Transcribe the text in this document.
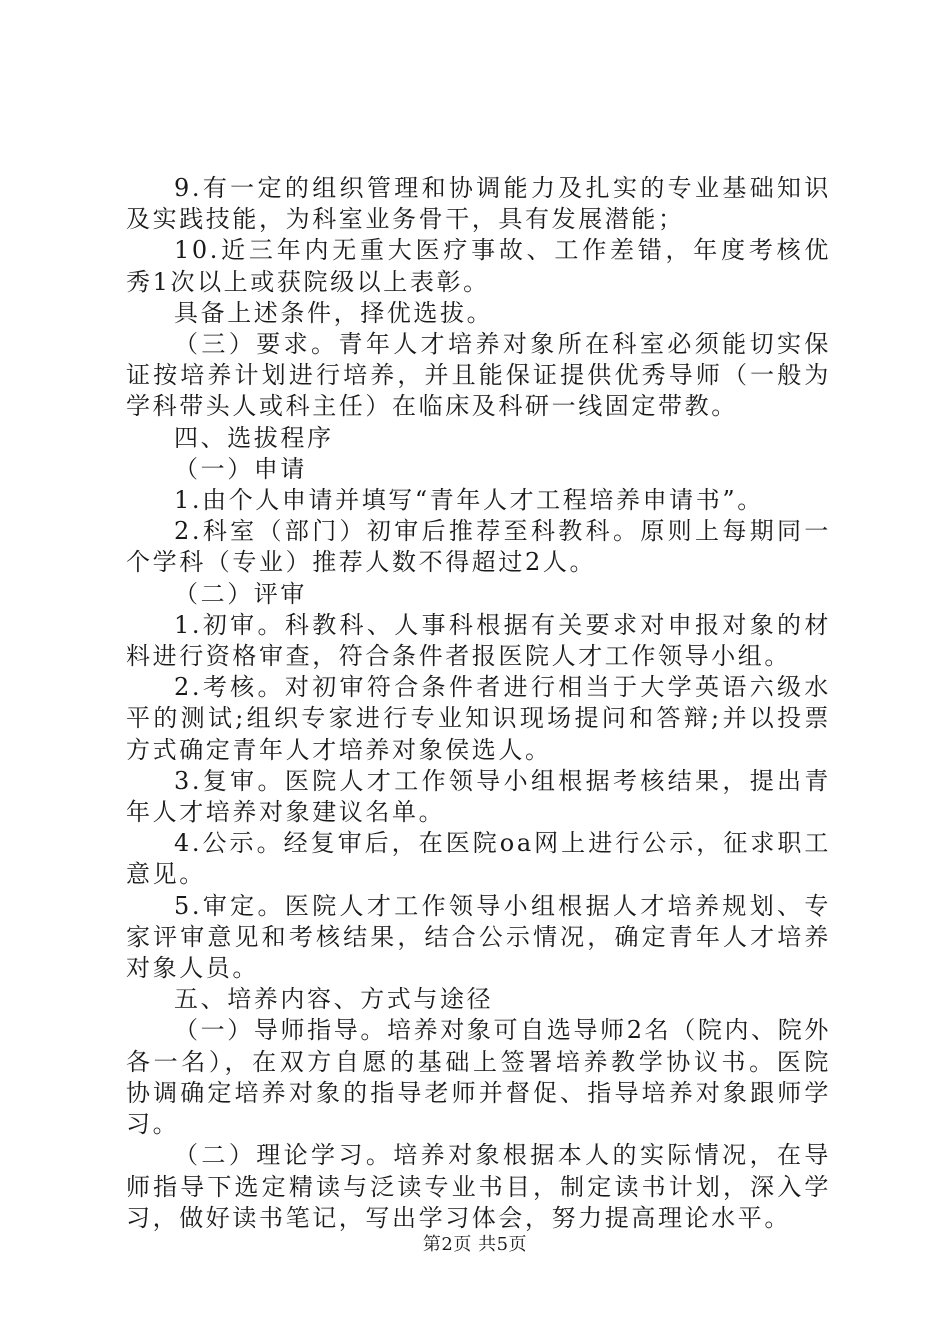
9.有一定的组织管理和协调能力及扎实的专业基础知识及实践技能，为科室业务骨干，具有发展潜能；

10.近三年内无重大医疗事故、工作差错，年度考核优秀1次以上或获院级以上表彰。

具备上述条件，择优选拔。

（三）要求。青年人才培养对象所在科室必须能切实保证按培养计划进行培养，并且能保证提供优秀导师（一般为学科带头人或科主任）在临床及科研一线固定带教。

四、选拔程序

（一）申请

1.由个人申请并填写“青年人才工程培养申请书”。

2.科室（部门）初审后推荐至科教科。原则上每期同一个学科（专业）推荐人数不得超过2人。

（二）评审

1.初审。科教科、人事科根据有关要求对申报对象的材料进行资格审查，符合条件者报医院人才工作领导小组。

2.考核。对初审符合条件者进行相当于大学英语六级水平的测试;组织专家进行专业知识现场提问和答辩;并以投票方式确定青年人才培养对象侯选人。

3.复审。医院人才工作领导小组根据考核结果，提出青年人才培养对象建议名单。

4.公示。经复审后，在医院oa网上进行公示，征求职工意见。

5.审定。医院人才工作领导小组根据人才培养规划、专家评审意见和考核结果，结合公示情况，确定青年人才培养对象人员。

五、培养内容、方式与途径

（一）导师指导。培养对象可自选导师2名（院内、院外各一名），在双方自愿的基础上签署培养教学协议书。医院协调确定培养对象的指导老师并督促、指导培养对象跟师学习。

（二）理论学习。培养对象根据本人的实际情况，在导师指导下选定精读与泛读专业书目，制定读书计划，深入学习，做好读书笔记，写出学习体会，努力提高理论水平。

第2页 共5页
